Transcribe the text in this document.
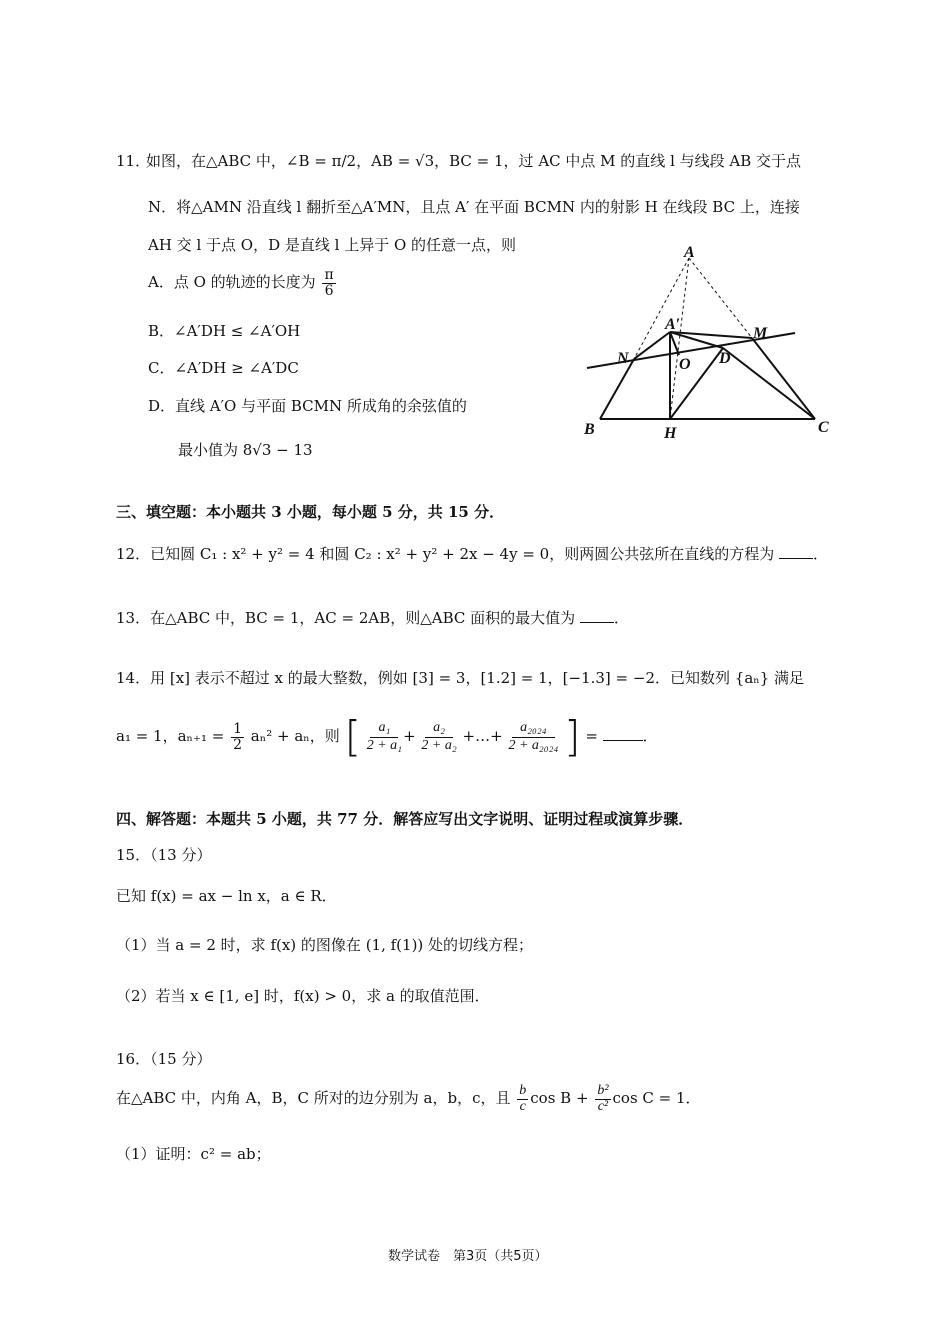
11．
如图，在△ABC 中，∠B = π/2，AB = √3，BC = 1，过 AC 中点 M 的直线 l 与线段 AB 交于点
N．将△AMN 沿直线 l 翻折至△A′MN，且点 A′ 在平面 BCMN 内的射影 H 在线段 BC 上，连接
AH 交 l 于点 O，D 是直线 l 上异于 O 的任意一点，则
A．点 O 的轨迹的长度为 $\frac{\pi}{6}$
B．∠A′DH ≤ ∠A′OH
C．∠A′DH ≥ ∠A′DC
D．直线 A′O 与平面 BCMN 所成角的余弦值的
最小值为 8√3 − 13
A
A′
M
N	O D
B	H	C
三、填空题：本小题共 3 小题，每小题 5 分，共 15 分．
12．已知圆 C₁ : x² + y² = 4 和圆 C₂ : x² + y² + 2x − 4y = 0，则两圆公共弦所在直线的方程为	．
13．在△ABC 中，BC = 1，AC = 2AB，则△ABC 面积的最大值为	．
14．用 [x] 表示不超过 x 的最大整数，例如 [3] = 3，[1.2] = 1，[−1.3] = −2．已知数列 {aₙ} 满足
a₁ = 1，$a_{n+1} = \frac{1}{2} a_n^2 + a_n$，则 [ $\frac{\text{a₁}}{\text{2 + a₁}} + \frac{\text{a₂}}{\text{2 + a₂}}$ +…+ $\frac{\text{a₂₀₂₄}}{\text{2 + a₂₀₂₄}}$ ] =	．
四、解答题：本题共 5 小题，共 77 分．解答应写出文字说明、证明过程或演算步骤．
15．（13 分）
已知 f(x) = ax − ln x，a ∈ R．
（1）当 a = 2 时，求 f(x) 的图像在 (1, f(1)) 处的切线方程；
（2）若当 x ∈ [1, e] 时，f(x) > 0，求 a 的取值范围．
16．（15 分）
在△ABC 中，内角 A，B，C 所对的边分别为 a，b，c，且 $\frac{b}{c}$ $\cos B + \frac{\text{b²}}{\text{c²}}$ cos C = 1．
（1）证明：c² = ab；
数学试卷　第3页（共5页）
